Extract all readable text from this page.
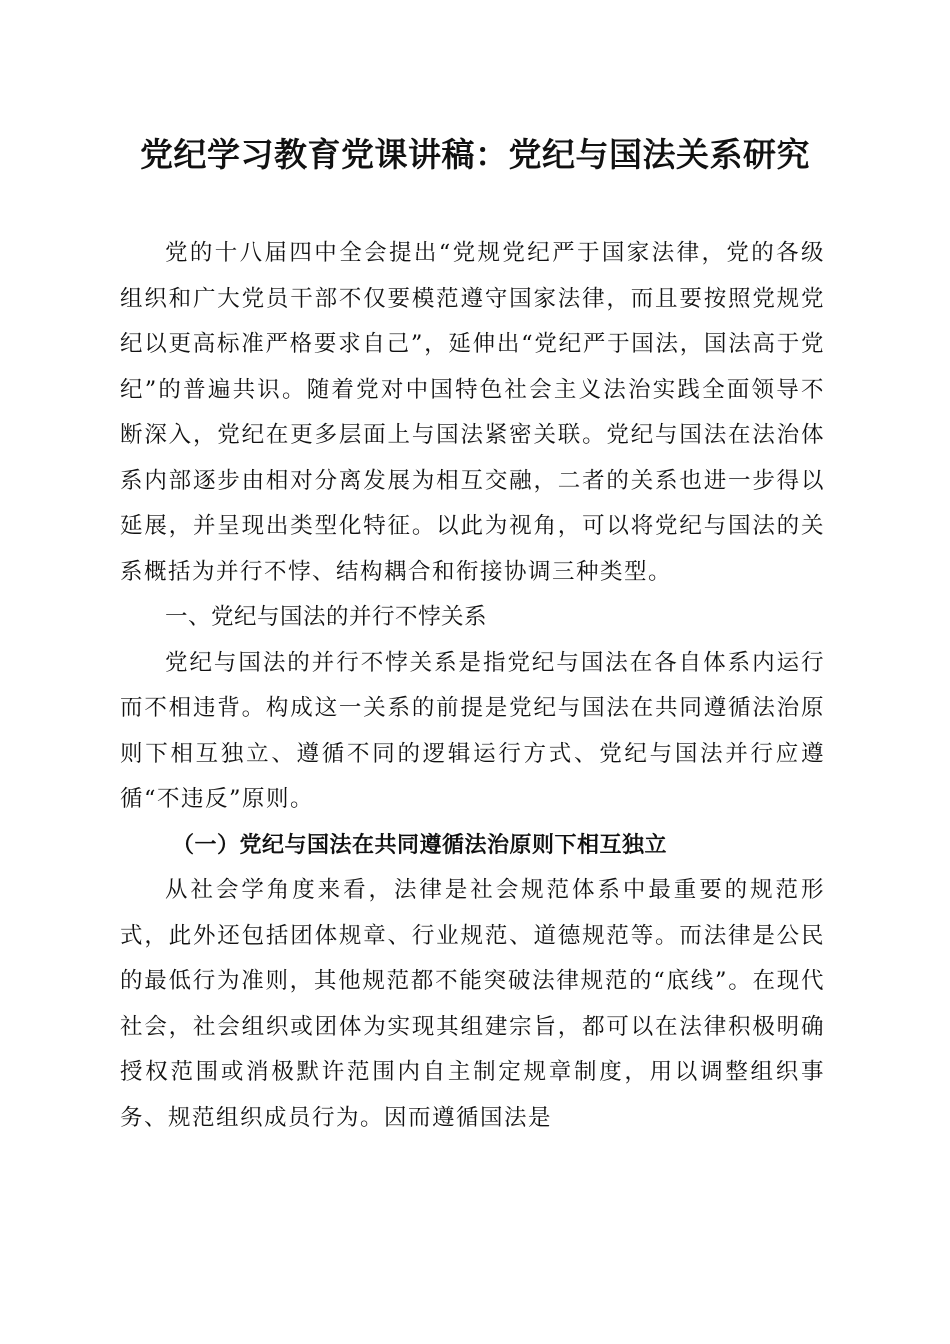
党纪学习教育党课讲稿：党纪与国法关系研究

党的十八届四中全会提出“党规党纪严于国家法律，党的各级组织和广大党员干部不仅要模范遵守国家法律，而且要按照党规党纪以更高标准严格要求自己”，延伸出“党纪严于国法，国法高于党纪”的普遍共识。随着党对中国特色社会主义法治实践全面领导不断深入，党纪在更多层面上与国法紧密关联。党纪与国法在法治体系内部逐步由相对分离发展为相互交融，二者的关系也进一步得以延展，并呈现出类型化特征。以此为视角，可以将党纪与国法的关系概括为并行不悖、结构耦合和衔接协调三种类型。

一、党纪与国法的并行不悖关系

党纪与国法的并行不悖关系是指党纪与国法在各自体系内运行而不相违背。构成这一关系的前提是党纪与国法在共同遵循法治原则下相互独立、遵循不同的逻辑运行方式、党纪与国法并行应遵循“不违反”原则。

（一）党纪与国法在共同遵循法治原则下相互独立

从社会学角度来看，法律是社会规范体系中最重要的规范形式，此外还包括团体规章、行业规范、道德规范等。而法律是公民的最低行为准则，其他规范都不能突破法律规范的“底线”。在现代社会，社会组织或团体为实现其组建宗旨，都可以在法律积极明确授权范围或消极默许范围内自主制定规章制度，用以调整组织事务、规范组织成员行为。因而遵循国法是
